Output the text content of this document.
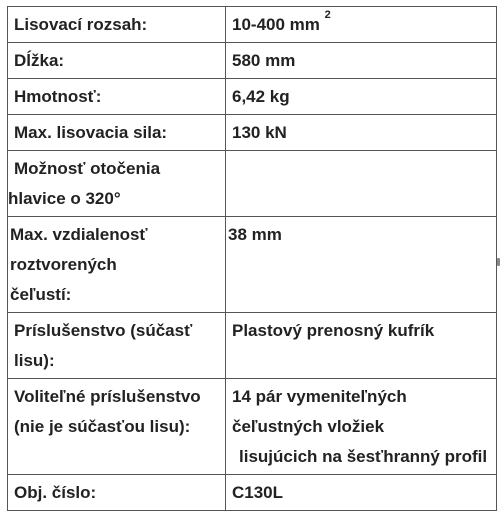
Lisovací rozsah:	10-400 mm $^2$

Dĺžka:	580 mm

Hmotnosť:	6,42 kg

Max. lisovacia sila:	130 kN

Možnosť otočenia
hlavice o 320°	

Max. vzdialenosť
roztvorených
čeľustí:	38 mm

Príslušenstvo (súčasť
lisu):	Plastový prenosný kufrík

Voliteľné príslušenstvo
(nie je súčasťou lisu):	14 pár vymeniteľných
čeľustných vložiek
lisujúcich na šesťhranný profil

Obj. číslo:	C130L
